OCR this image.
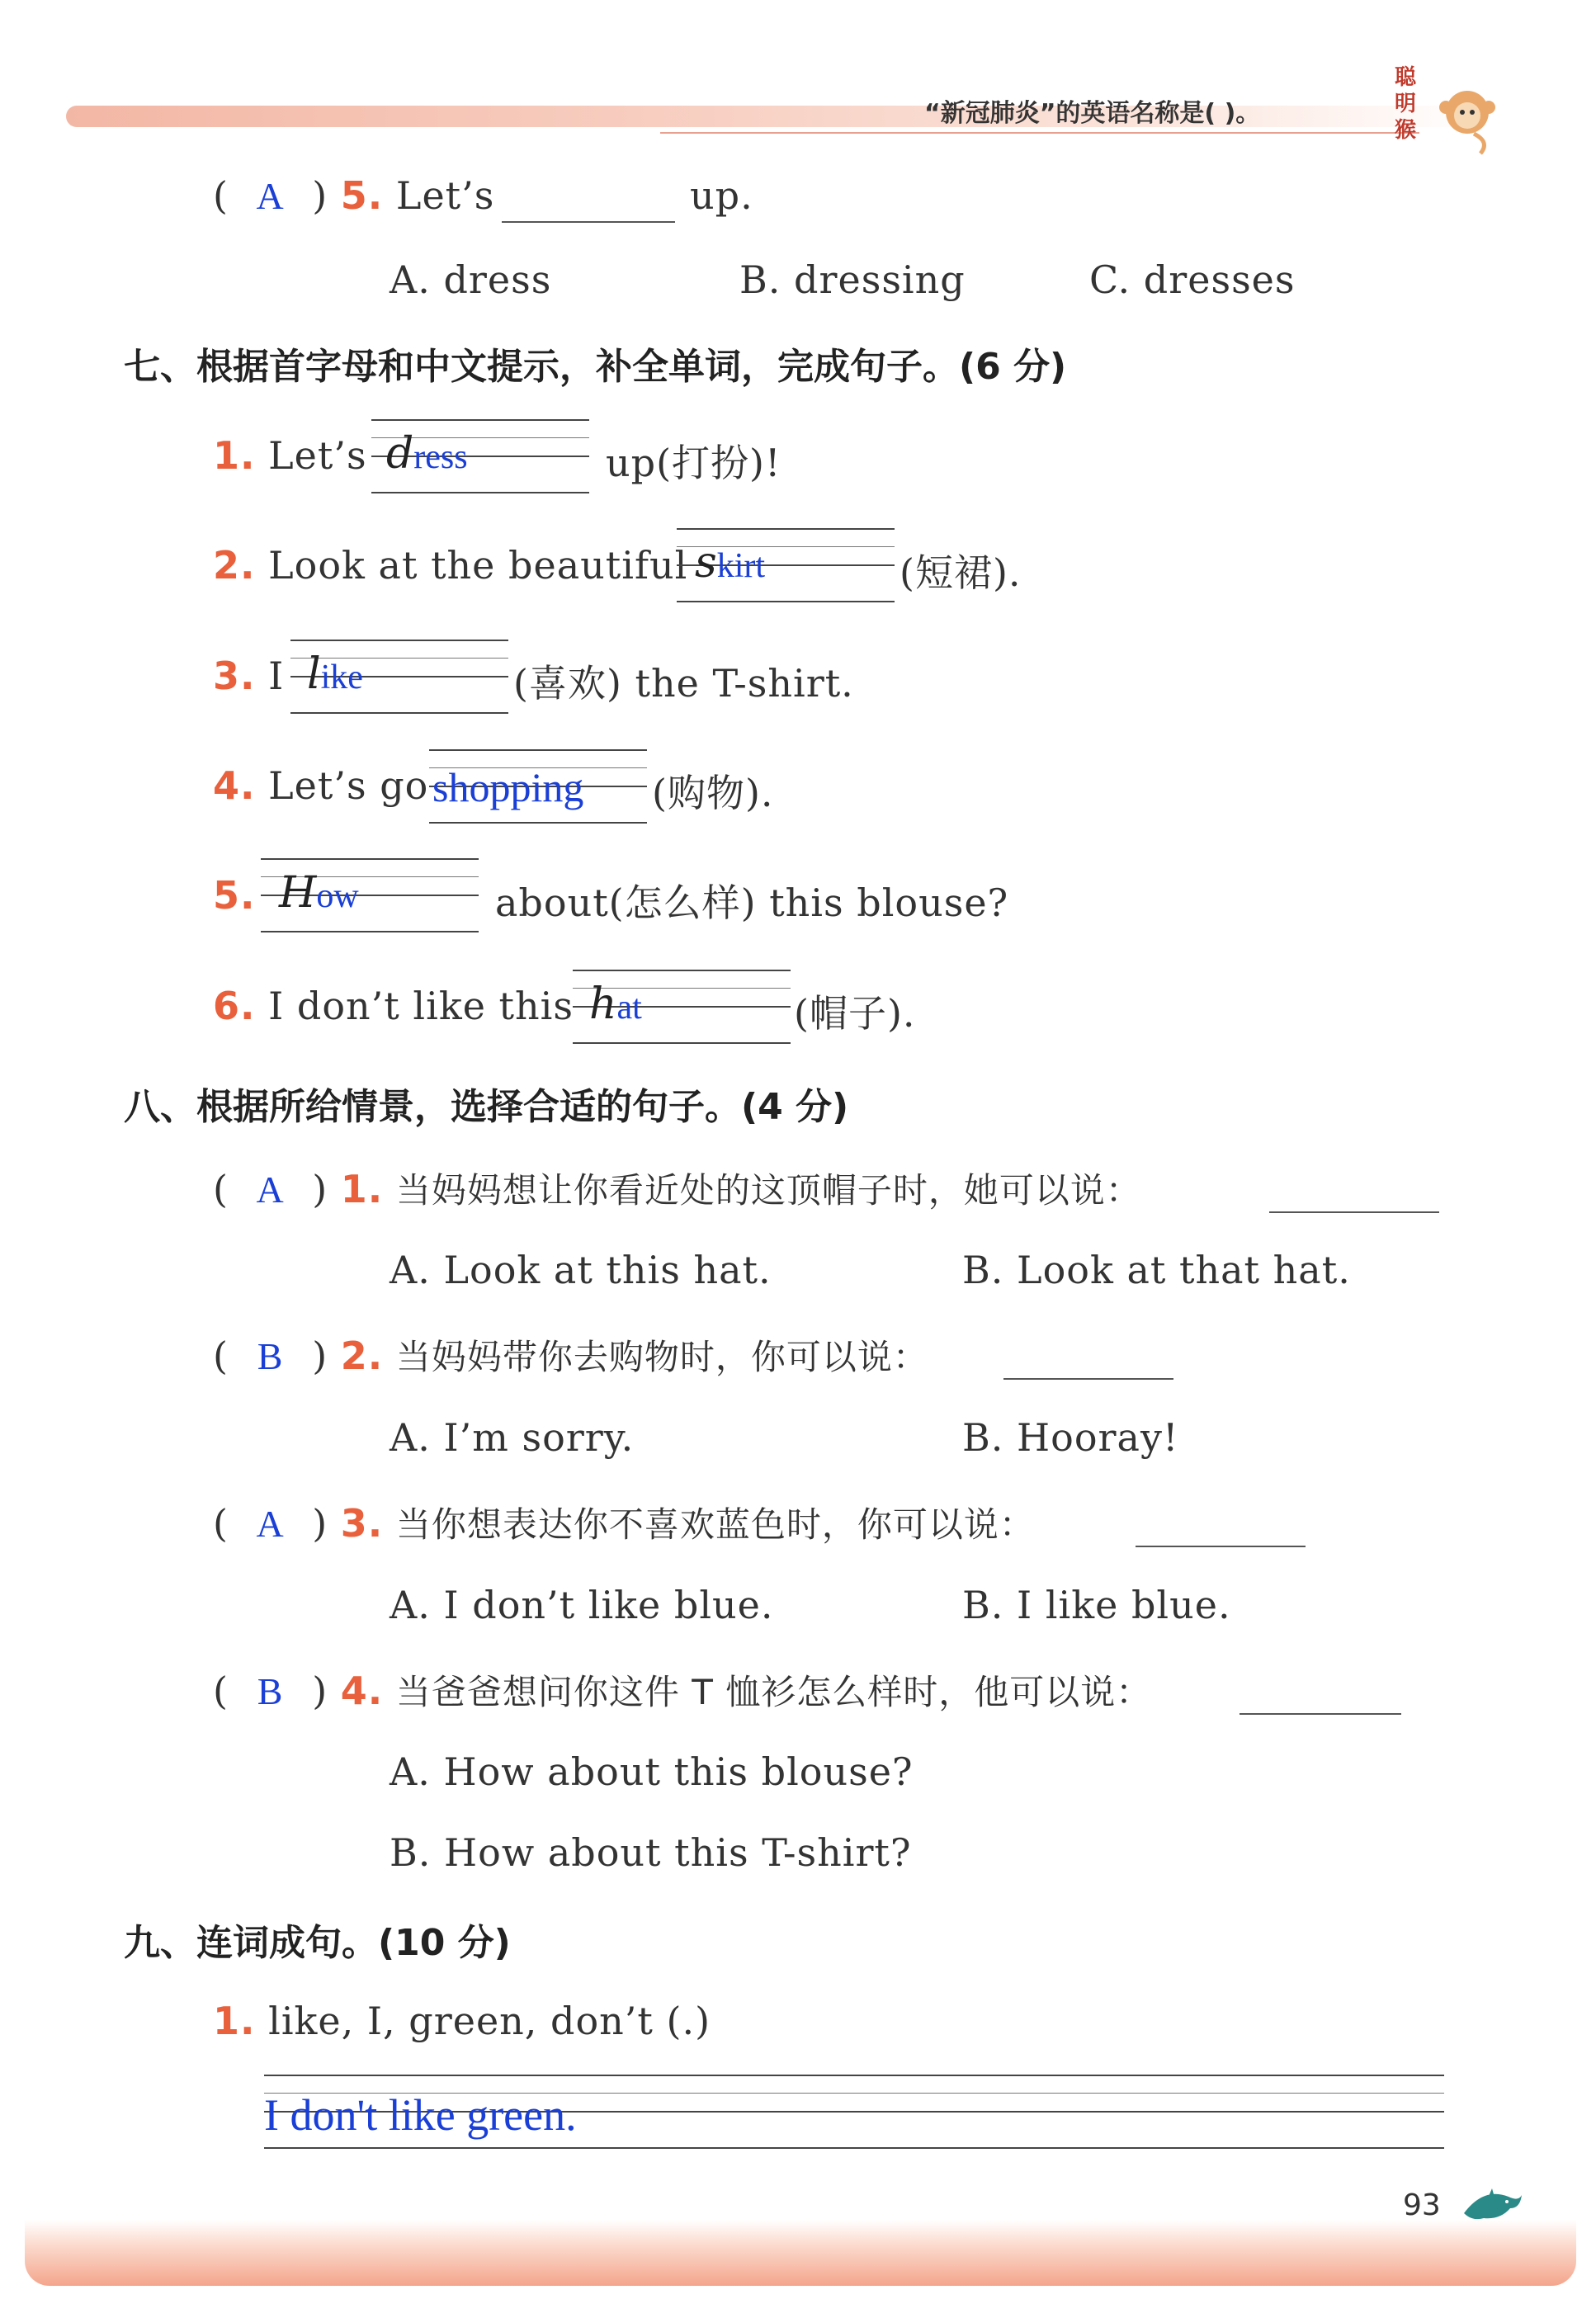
“新冠肺炎”的英语名称是( )。
聪明猴
( A ) 5. Let’s	up.
A. dress	B. dressing	C. dresses
七、根据首字母和中文提示，补全单词，完成句子。(6 分)
1. Let’s dress	up(打扮)!
2. Look at the beautiful skirt	(短裙).
3. I like	(喜欢) the T-shirt.
4. Let’s go shopping (购物).
5. How	about(怎么样) this blouse?
6. I don’t like this hat	(帽子).
八、根据所给情景，选择合适的句子。(4 分)
( A ) 1. 当妈妈想让你看近处的这顶帽子时，她可以说：
A. Look at this hat.	B. Look at that hat.
( B ) 2. 当妈妈带你去购物时，你可以说：
A. I’m sorry.	B. Hooray!
( A ) 3. 当你想表达你不喜欢蓝色时，你可以说：
A. I don’t like blue.	B. I like blue.
( B ) 4. 当爸爸想问你这件 T 恤衫怎么样时，他可以说：
A. How about this blouse?
B. How about this T-shirt?
九、连词成句。(10 分)
1. like, I, green, don’t (.)
I don't like green.
93
